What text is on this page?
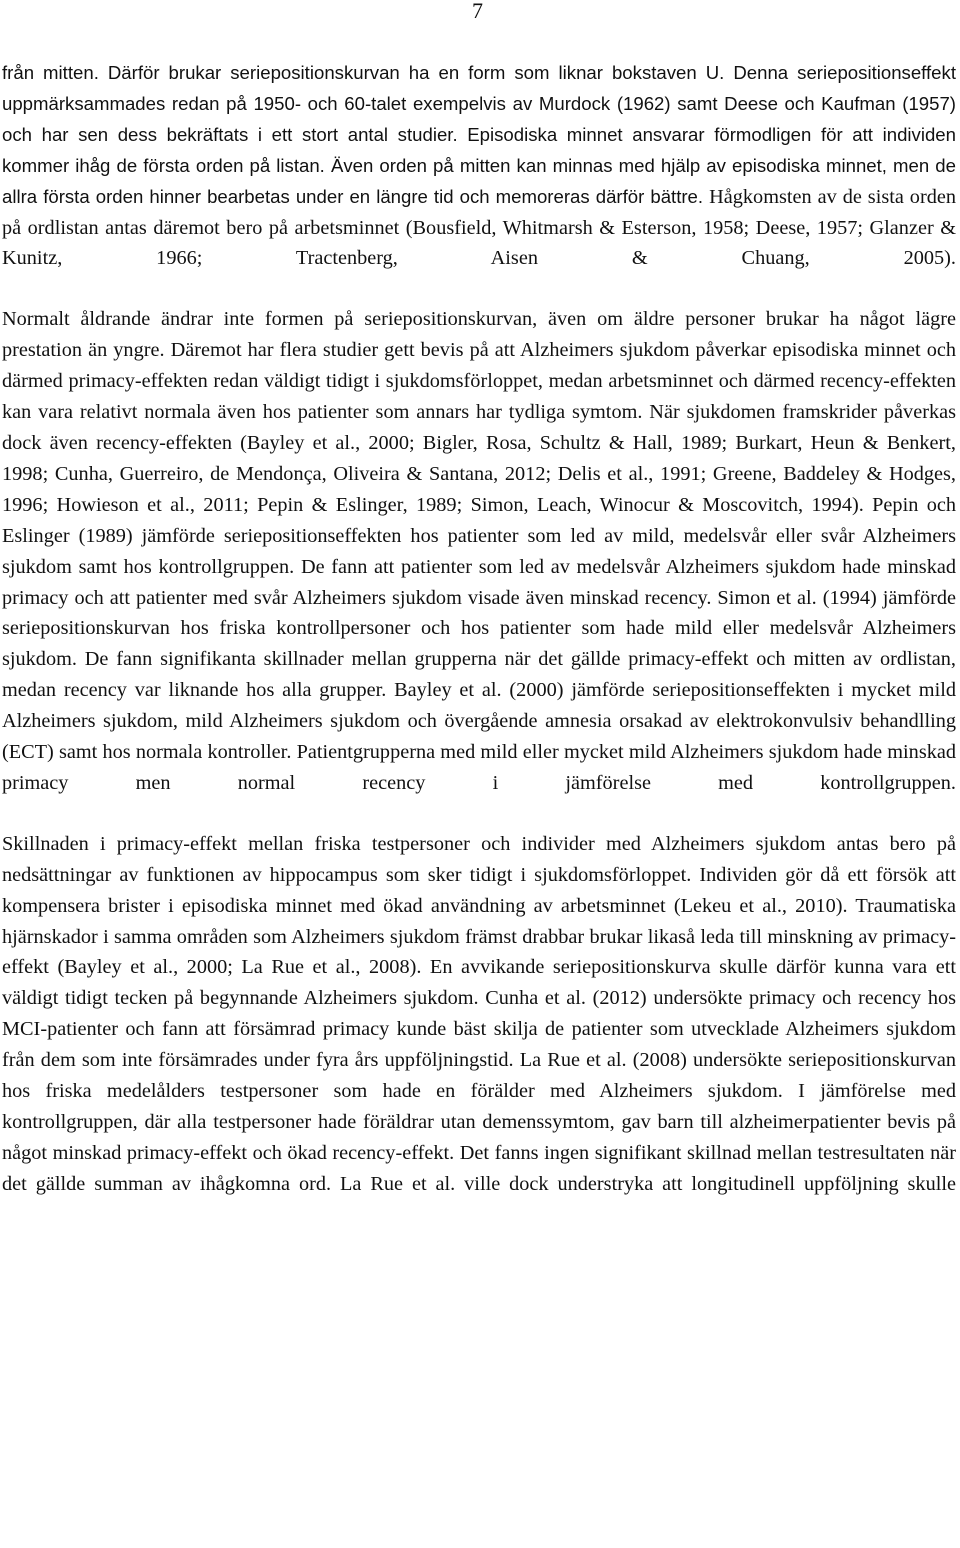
7

från mitten. Därför brukar seriepositionskurvan ha en form som liknar bokstaven U. Denna seriepositionseffekt uppmärksammades redan på 1950- och 60-talet exempelvis av Murdock (1962) samt Deese och Kaufman (1957) och har sen dess bekräftats i ett stort antal studier. Episodiska minnet ansvarar förmodligen för att individen kommer ihåg de första orden på listan. Även orden på mitten kan minnas med hjälp av episodiska minnet, men de allra första orden hinner bearbetas under en längre tid och memoreras därför bättre. Hågkomsten av de sista orden på ordlistan antas däremot bero på arbetsminnet (Bousfield, Whitmarsh & Esterson, 1958; Deese, 1957; Glanzer & Kunitz, 1966; Tractenberg, Aisen & Chuang, 2005).

Normalt åldrande ändrar inte formen på seriepositionskurvan, även om äldre personer brukar ha något lägre prestation än yngre. Däremot har flera studier gett bevis på att Alzheimers sjukdom påverkar episodiska minnet och därmed primacy-effekten redan väldigt tidigt i sjukdomsförloppet, medan arbetsminnet och därmed recency-effekten kan vara relativt normala även hos patienter som annars har tydliga symtom. När sjukdomen framskrider påverkas dock även recency-effekten (Bayley et al., 2000; Bigler, Rosa, Schultz & Hall, 1989; Burkart, Heun & Benkert, 1998; Cunha, Guerreiro, de Mendonça, Oliveira & Santana, 2012; Delis et al., 1991; Greene, Baddeley & Hodges, 1996; Howieson et al., 2011; Pepin & Eslinger, 1989; Simon, Leach, Winocur & Moscovitch, 1994). Pepin och Eslinger (1989) jämförde seriepositionseffekten hos patienter som led av mild, medelsvår eller svår Alzheimers sjukdom samt hos kontrollgruppen. De fann att patienter som led av medelsvår Alzheimers sjukdom hade minskad primacy och att patienter med svår Alzheimers sjukdom visade även minskad recency. Simon et al. (1994) jämförde seriepositionskurvan hos friska kontrollpersoner och hos patienter som hade mild eller medelsvår Alzheimers sjukdom. De fann signifikanta skillnader mellan grupperna när det gällde primacy-effekt och mitten av ordlistan, medan recency var liknande hos alla grupper. Bayley et al. (2000) jämförde seriepositionseffekten i mycket mild Alzheimers sjukdom, mild Alzheimers sjukdom och övergående amnesia orsakad av elektrokonvulsiv behandlling (ECT) samt hos normala kontroller. Patientgrupperna med mild eller mycket mild Alzheimers sjukdom hade minskad primacy men normal recency i jämförelse med kontrollgruppen.

Skillnaden i primacy-effekt mellan friska testpersoner och individer med Alzheimers sjukdom antas bero på nedsättningar av funktionen av hippocampus som sker tidigt i sjukdomsförloppet. Individen gör då ett försök att kompensera brister i episodiska minnet med ökad användning av arbetsminnet (Lekeu et al., 2010). Traumatiska hjärnskador i samma områden som Alzheimers sjukdom främst drabbar brukar likaså leda till minskning av primacy-effekt (Bayley et al., 2000; La Rue et al., 2008). En avvikande seriepositionskurva skulle därför kunna vara ett väldigt tidigt tecken på begynnande Alzheimers sjukdom. Cunha et al. (2012) undersökte primacy och recency hos MCI-patienter och fann att försämrad primacy kunde bäst skilja de patienter som utvecklade Alzheimers sjukdom från dem som inte försämrades under fyra års uppföljningstid. La Rue et al. (2008) undersökte seriepositionskurvan hos friska medelålders testpersoner som hade en förälder med Alzheimers sjukdom. I jämförelse med kontrollgruppen, där alla testpersoner hade föräldrar utan demenssymtom, gav barn till alzheimerpatienter bevis på något minskad primacy-effekt och ökad recency-effekt. Det fanns ingen signifikant skillnad mellan testresultaten när det gällde summan av ihågkomna ord. La Rue et al. ville dock understryka att longitudinell uppföljning skulle
